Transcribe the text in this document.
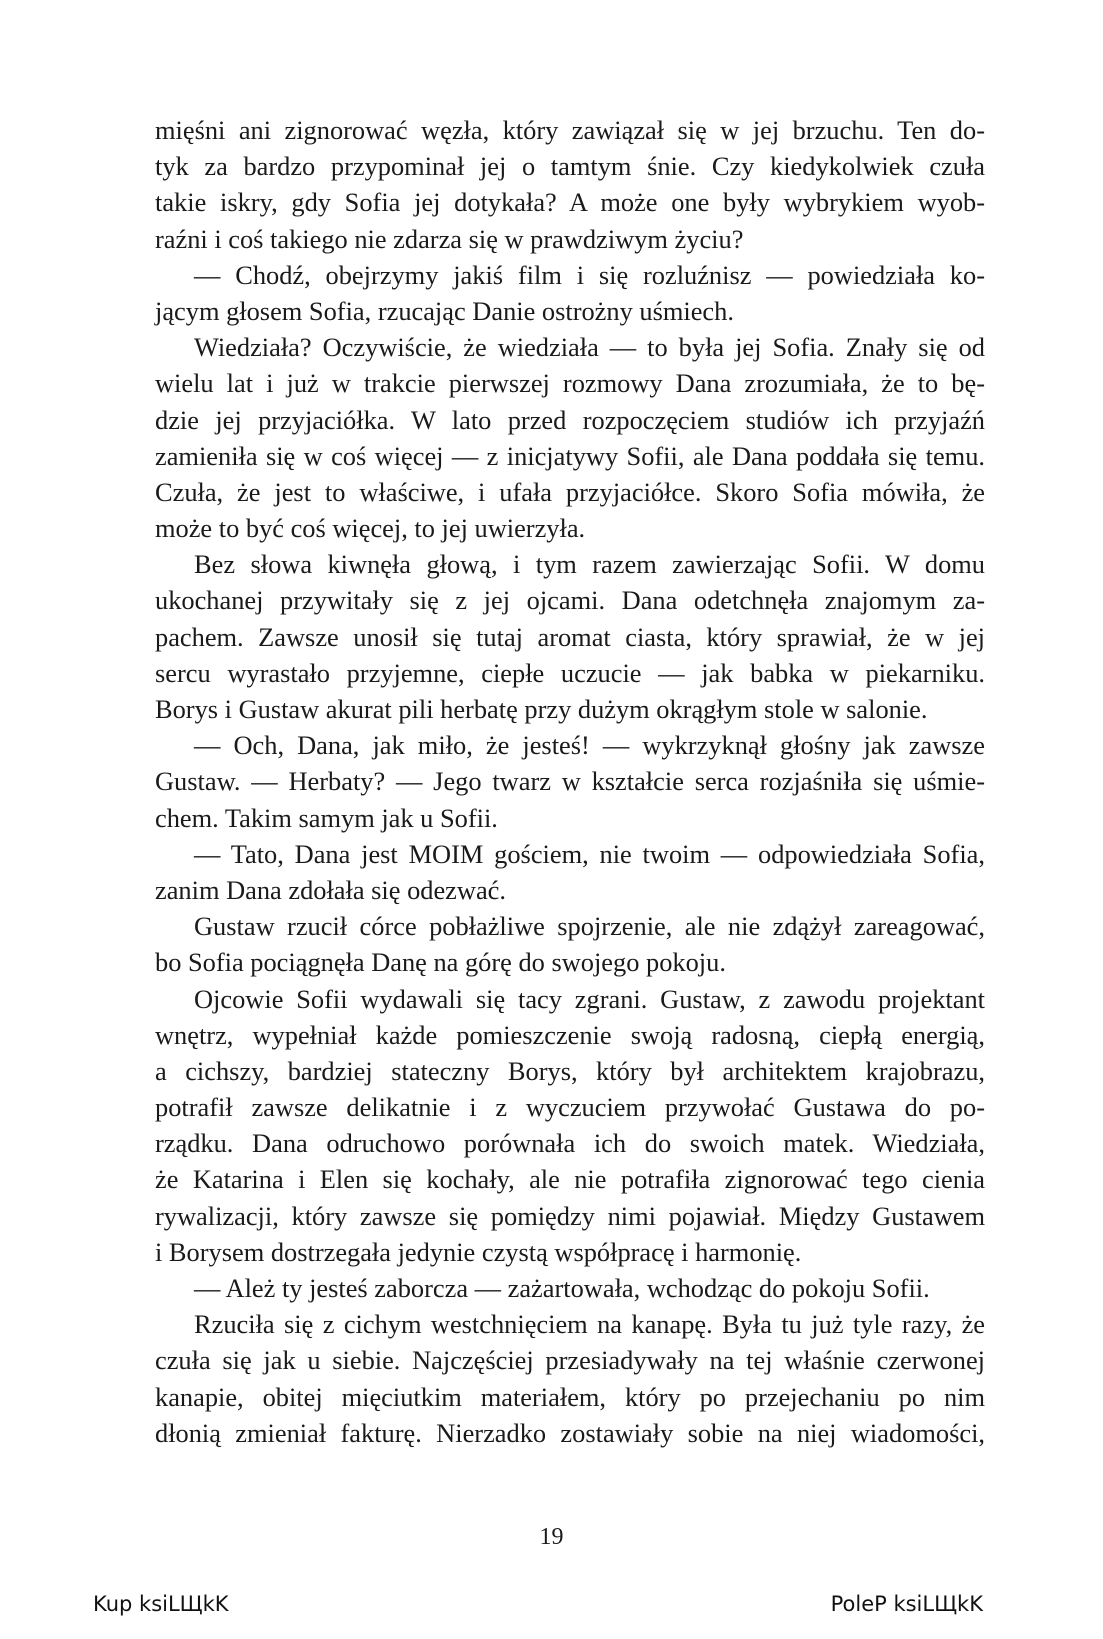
mięśni ani zignorować węzła, który zawiązał się w jej brzuchu. Ten do-
tyk za bardzo przypominał jej o tamtym śnie. Czy kiedykolwiek czuła
takie iskry, gdy Sofia jej dotykała? A może one były wybrykiem wyob-
raźni i coś takiego nie zdarza się w prawdziwym życiu?
— Chodź, obejrzymy jakiś film i się rozluźnisz — powiedziała ko-
jącym głosem Sofia, rzucając Danie ostrożny uśmiech.
Wiedziała? Oczywiście, że wiedziała — to była jej Sofia. Znały się od
wielu lat i już w trakcie pierwszej rozmowy Dana zrozumiała, że to bę-
dzie jej przyjaciółka. W lato przed rozpoczęciem studiów ich przyjaźń
zamieniła się w coś więcej — z inicjatywy Sofii, ale Dana poddała się temu.
Czuła, że jest to właściwe, i ufała przyjaciółce. Skoro Sofia mówiła, że
może to być coś więcej, to jej uwierzyła.
Bez słowa kiwnęła głową, i tym razem zawierzając Sofii. W domu
ukochanej przywitały się z jej ojcami. Dana odetchnęła znajomym za-
pachem. Zawsze unosił się tutaj aromat ciasta, który sprawiał, że w jej
sercu wyrastało przyjemne, ciepłe uczucie — jak babka w piekarniku.
Borys i Gustaw akurat pili herbatę przy dużym okrągłym stole w salonie.
— Och, Dana, jak miło, że jesteś! — wykrzyknął głośny jak zawsze
Gustaw. — Herbaty? — Jego twarz w kształcie serca rozjaśniła się uśmie-
chem. Takim samym jak u Sofii.
— Tato, Dana jest MOIM gościem, nie twoim — odpowiedziała Sofia,
zanim Dana zdołała się odezwać.
Gustaw rzucił córce pobłażliwe spojrzenie, ale nie zdążył zareagować,
bo Sofia pociągnęła Danę na górę do swojego pokoju.
Ojcowie Sofii wydawali się tacy zgrani. Gustaw, z zawodu projektant
wnętrz, wypełniał każde pomieszczenie swoją radosną, ciepłą energią,
a cichszy, bardziej stateczny Borys, który był architektem krajobrazu,
potrafił zawsze delikatnie i z wyczuciem przywołać Gustawa do po-
rządku. Dana odruchowo porównała ich do swoich matek. Wiedziała,
że Katarina i Elen się kochały, ale nie potrafiła zignorować tego cienia
rywalizacji, który zawsze się pomiędzy nimi pojawiał. Między Gustawem
i Borysem dostrzegała jedynie czystą współpracę i harmonię.
— Ależ ty jesteś zaborcza — zażartowała, wchodząc do pokoju Sofii.
Rzuciła się z cichym westchnięciem na kanapę. Była tu już tyle razy, że
czuła się jak u siebie. Najczęściej przesiadywały na tej właśnie czerwonej
kanapie, obitej mięciutkim materiałem, który po przejechaniu po nim
dłonią zmieniał fakturę. Nierzadko zostawiały sobie na niej wiadomości,
19
Kup ksiLЩkK	PoleP ksiLЩkK
